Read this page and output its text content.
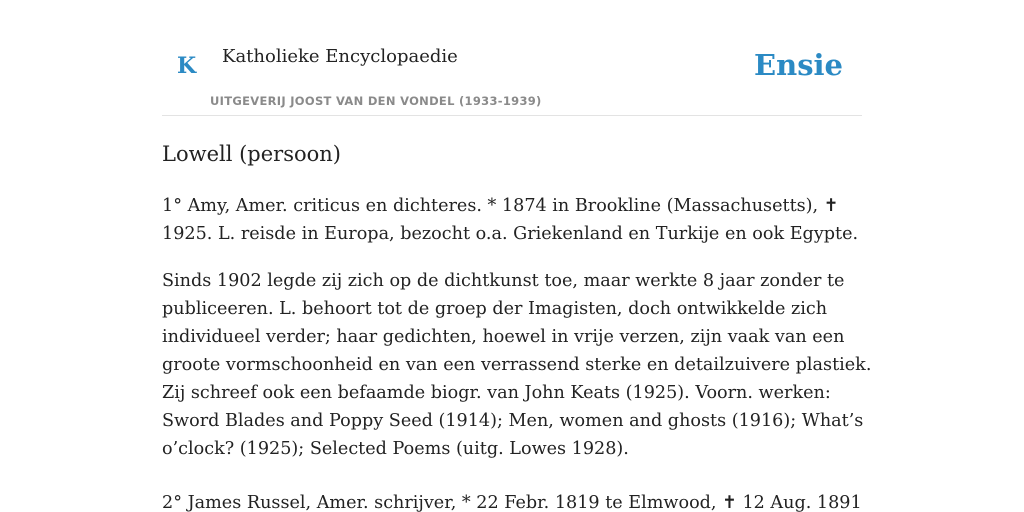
K Katholieke Encyclopaedie
UITGEVERIJ JOOST VAN DEN VONDEL (1933-1939)
Ensie
Lowell (persoon)

1° Amy, Amer. criticus en dichteres. * 1874 in Brookline (Massachusetts), ✝ 1925. L. reisde in Europa, bezocht o.a. Griekenland en Turkije en ook Egypte.

Sinds 1902 legde zij zich op de dichtkunst toe, maar werkte 8 jaar zonder te publiceeren. L. behoort tot de groep der Imagisten, doch ontwikkelde zich individueel verder; haar gedichten, hoewel in vrije verzen, zijn vaak van een groote vormschoonheid en van een verrassend sterke en detailzuivere plastiek. Zij schreef ook een befaamde biogr. van John Keats (1925). Voorn. werken: Sword Blades and Poppy Seed (1914); Men, women and ghosts (1916); What’s o’clock? (1925); Selected Poems (uitg. Lowes 1928).

2° James Russel, Amer. schrijver, * 22 Febr. 1819 te Elmwood, ✝ 12 Aug. 1891
